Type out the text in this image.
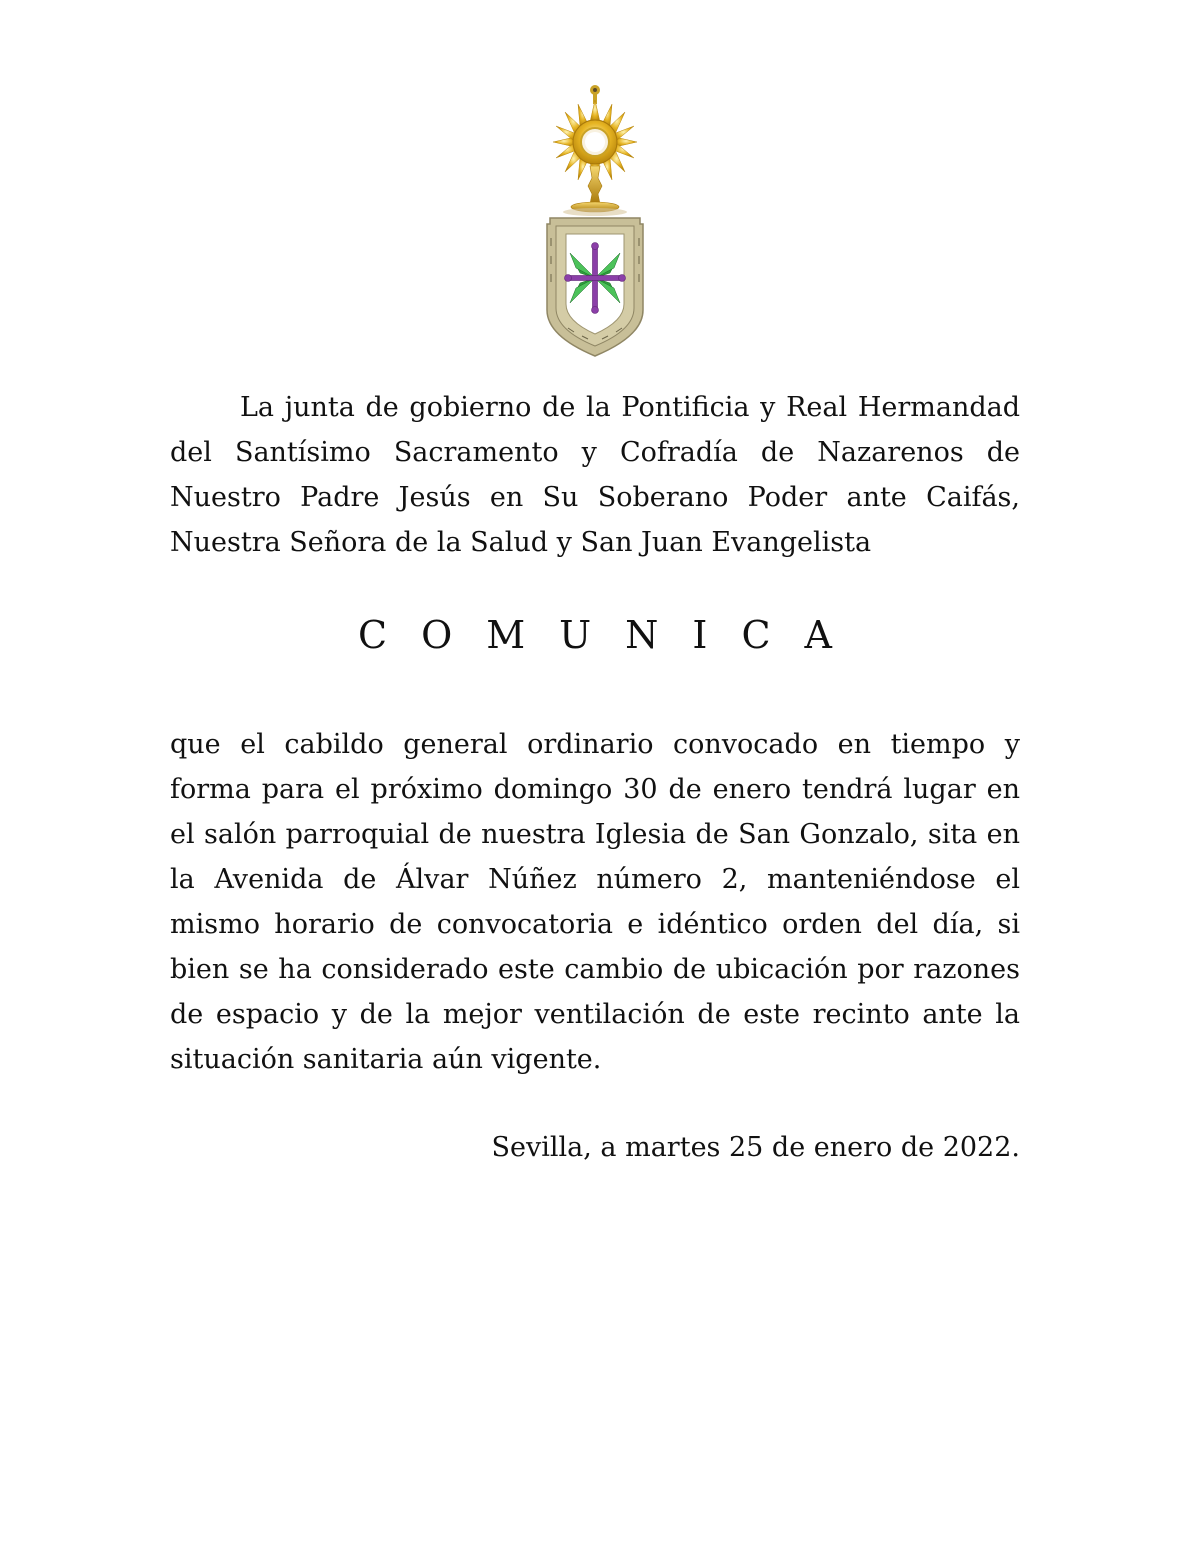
La junta de gobierno de la Pontificia y Real Hermandad del Santísimo Sacramento y Cofradía de Nazarenos de Nuestro Padre Jesús en Su Soberano Poder ante Caifás, Nuestra Señora de la Salud y San Juan Evangelista

COMUNICA

que el cabildo general ordinario convocado en tiempo y forma para el próximo domingo 30 de enero tendrá lugar en el salón parroquial de nuestra Iglesia de San Gonzalo, sita en la Avenida de Álvar Núñez número 2, manteniéndose el mismo horario de convocatoria e idéntico orden del día, si bien se ha considerado este cambio de ubicación por razones de espacio y de la mejor ventilación de este recinto ante la situación sanitaria aún vigente.

Sevilla, a martes 25 de enero de 2022.
